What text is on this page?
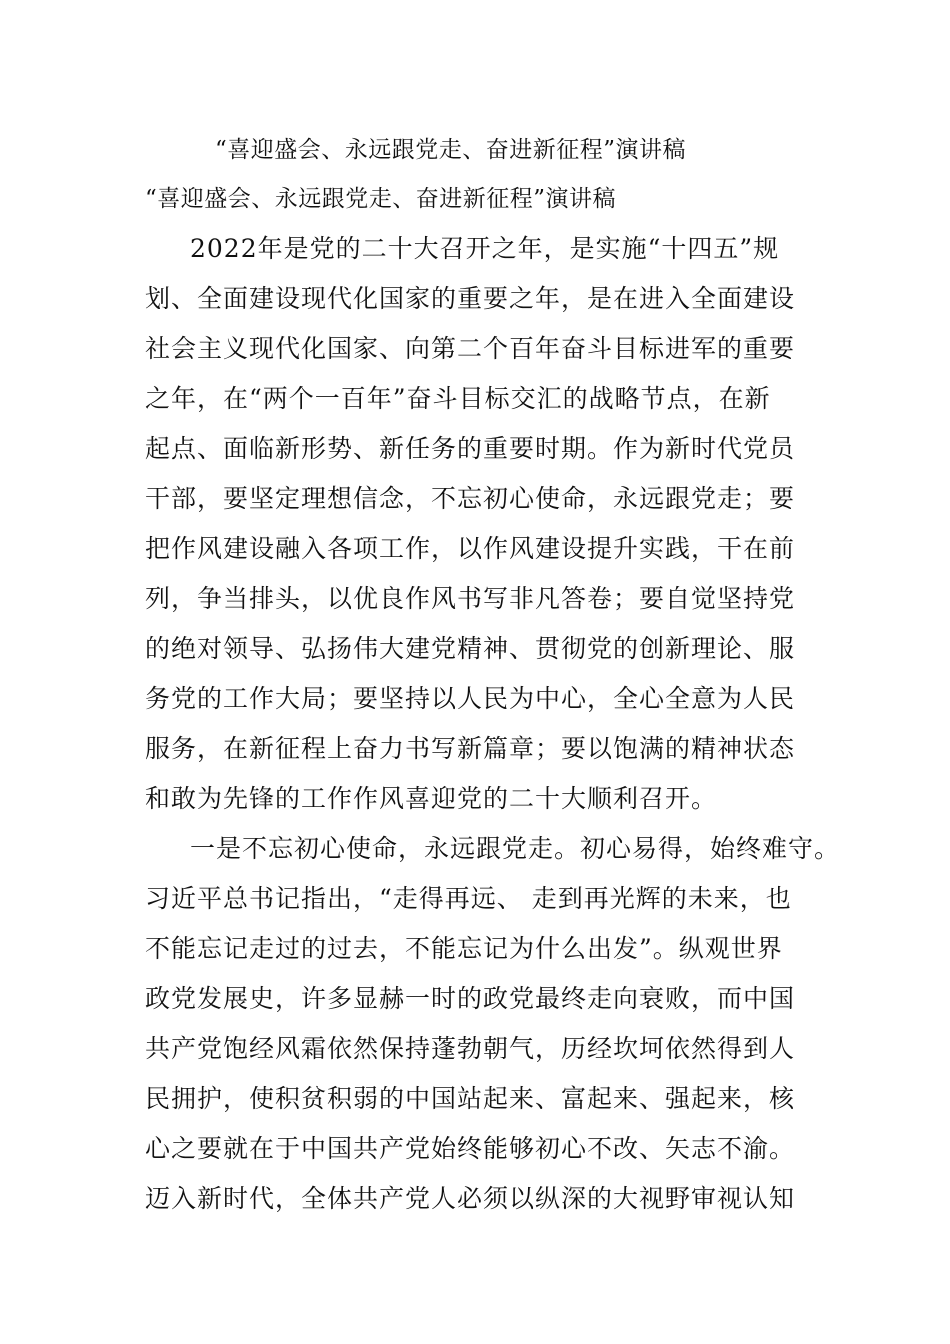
“喜迎盛会、永远跟党走、奋进新征程”演讲稿
“喜迎盛会、永远跟党走、奋进新征程”演讲稿
2022年是党的二十大召开之年，是实施“十四五”规
划、全面建设现代化国家的重要之年，是在进入全面建设
社会主义现代化国家、向第二个百年奋斗目标进军的重要
之年，在“两个一百年”奋斗目标交汇的战略节点，在新
起点、面临新形势、新任务的重要时期。作为新时代党员
干部，要坚定理想信念，不忘初心使命，永远跟党走；要
把作风建设融入各项工作，以作风建设提升实践，干在前
列，争当排头，以优良作风书写非凡答卷；要自觉坚持党
的绝对领导、弘扬伟大建党精神、贯彻党的创新理论、服
务党的工作大局；要坚持以人民为中心，全心全意为人民
服务，在新征程上奋力书写新篇章；要以饱满的精神状态
和敢为先锋的工作作风喜迎党的二十大顺利召开。
一是不忘初心使命，永远跟党走。初心易得，始终难守。
习近平总书记指出，“走得再远、 走到再光辉的未来，也
不能忘记走过的过去，不能忘记为什么出发”。纵观世界
政党发展史，许多显赫一时的政党最终走向衰败，而中国
共产党饱经风霜依然保持蓬勃朝气，历经坎坷依然得到人
民拥护，使积贫积弱的中国站起来、富起来、强起来，核
心之要就在于中国共产党始终能够初心不改、矢志不渝。
迈入新时代，全体共产党人必须以纵深的大视野审视认知
